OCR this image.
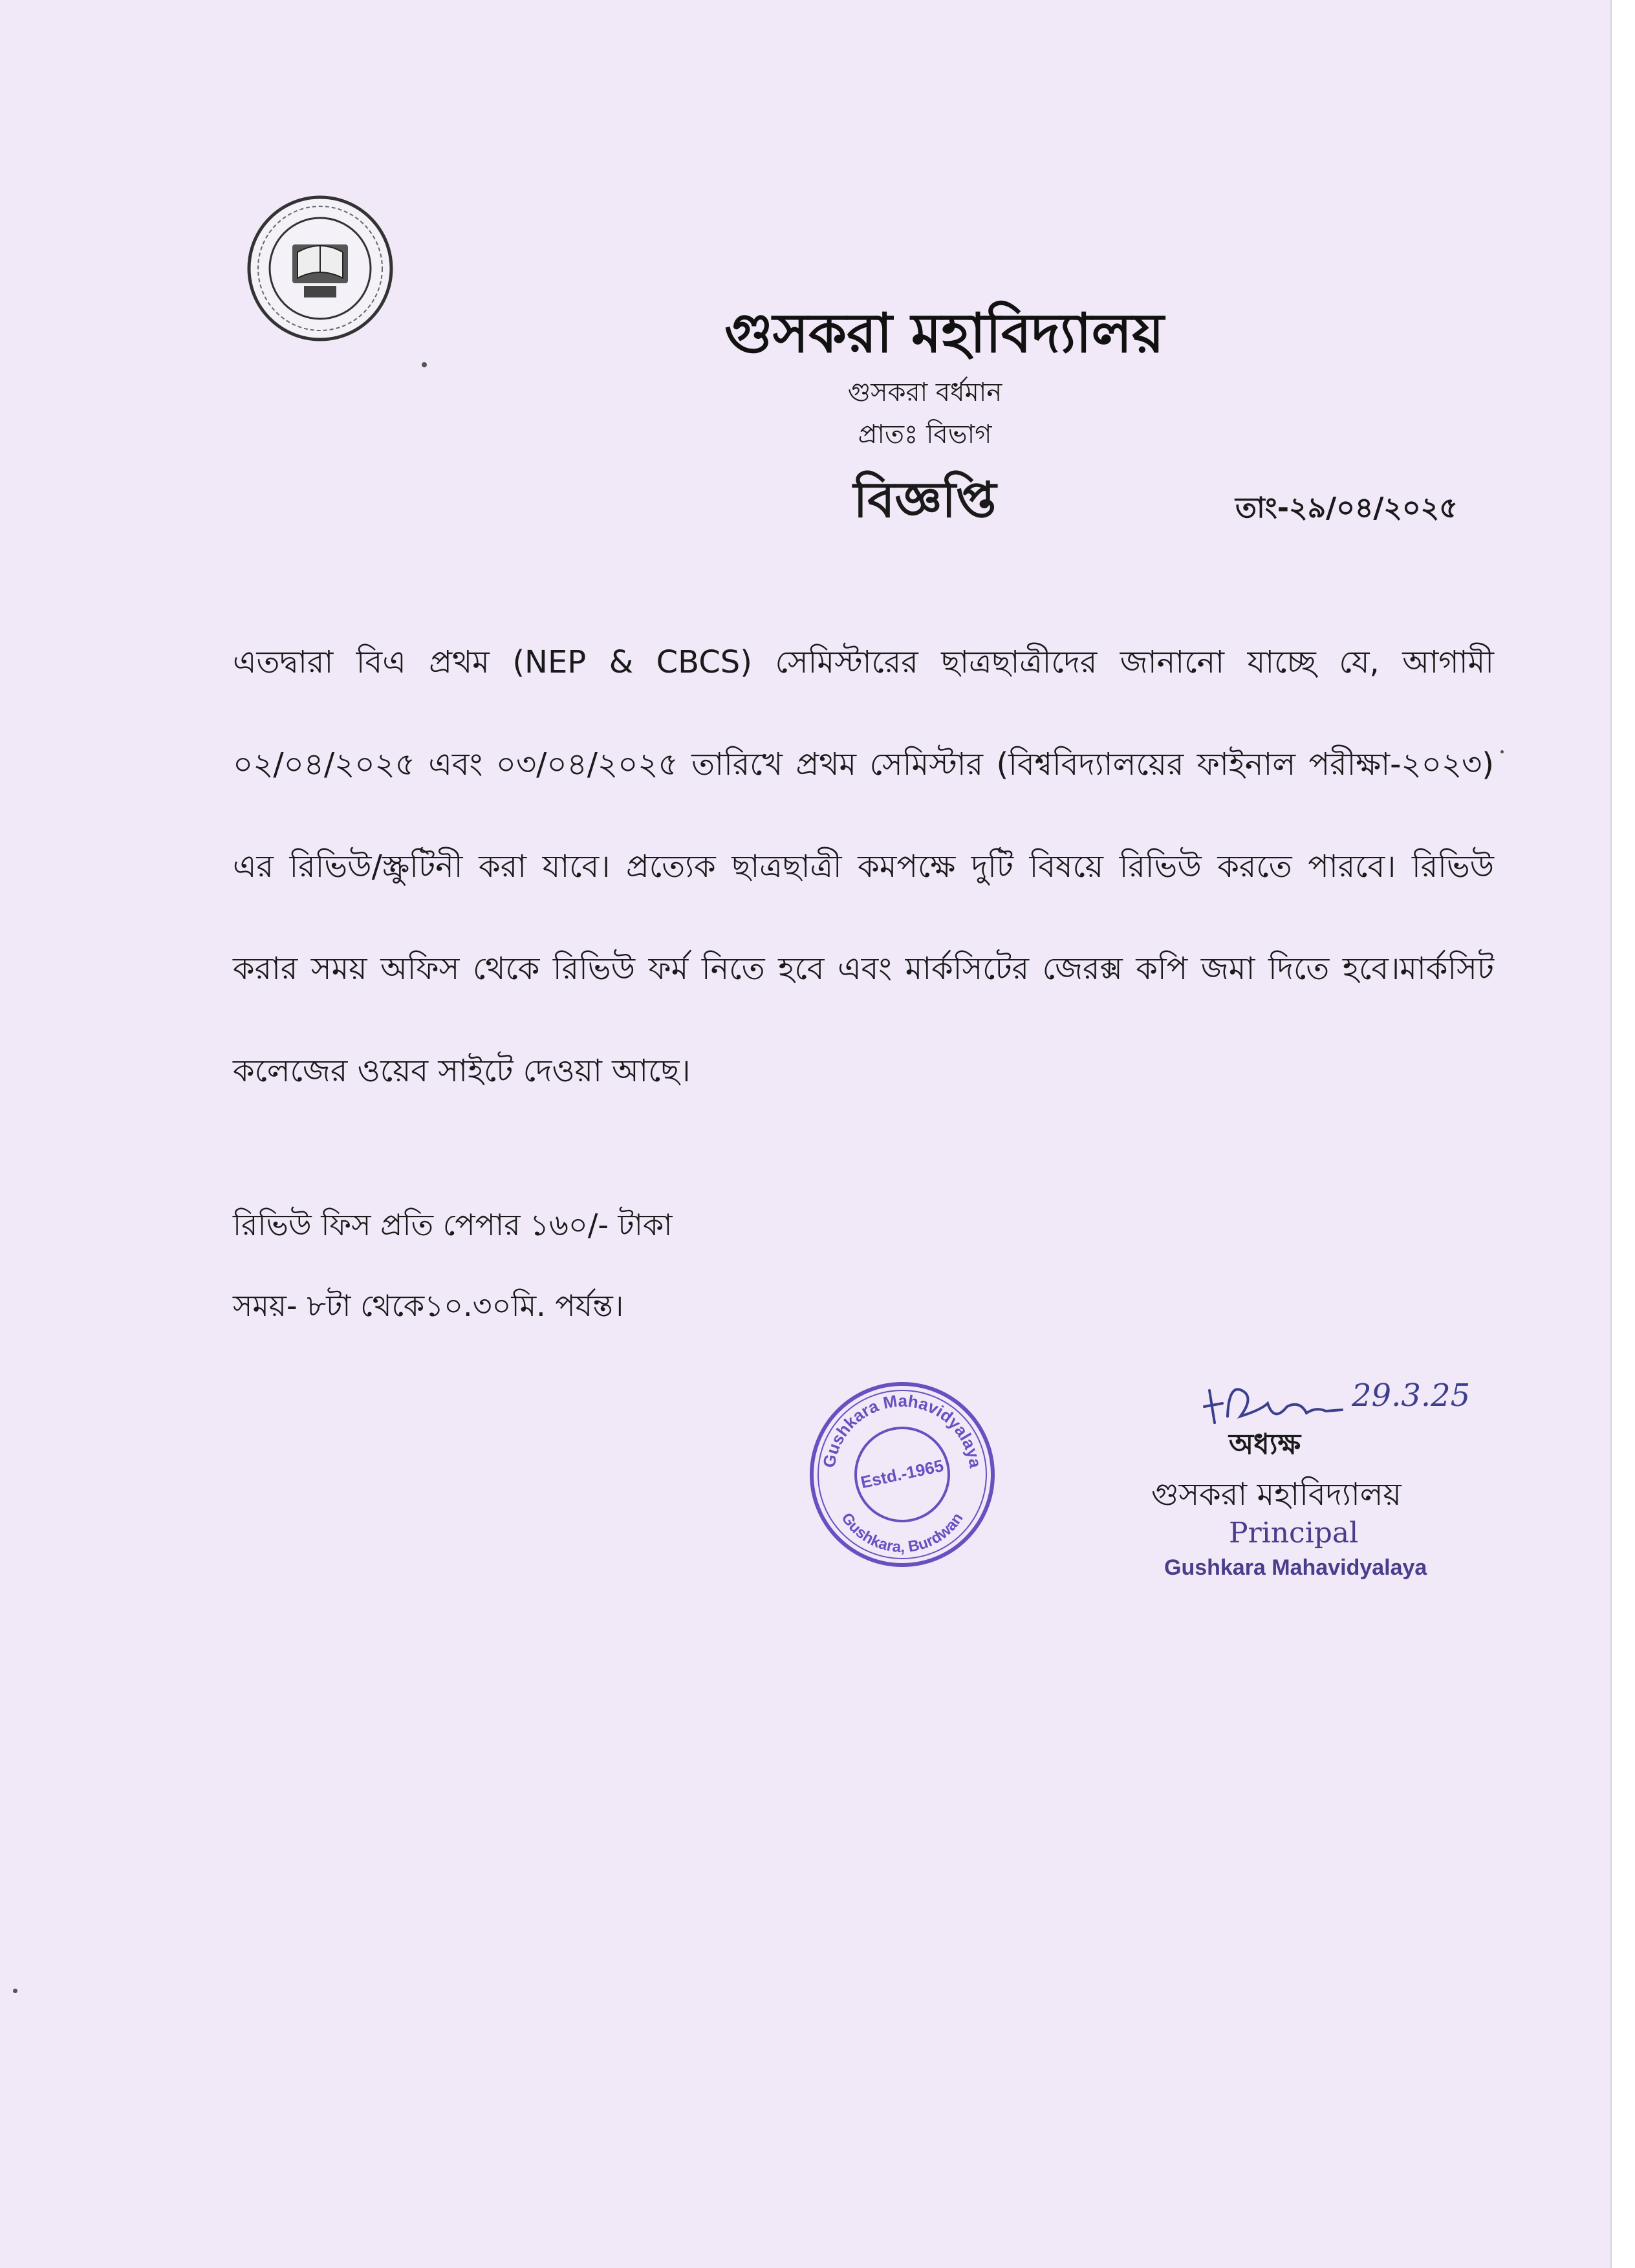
গুসকরা মহাবিদ্যালয়
গুসকরা বর্ধমান
প্রাতঃ বিভাগ
বিজ্ঞপ্তি	তাং-২৯/০৪/২০২৫
এতদ্বারা বিএ প্রথম (NEP & CBCS) সেমিস্টারের ছাত্রছাত্রীদের জানানো যাচ্ছে যে, আগামী ০২/০৪/২০২৫ এবং ০৩/০৪/২০২৫ তারিখে প্রথম সেমিস্টার (বিশ্ববিদ্যালয়ের ফাইনাল পরীক্ষা-২০২৩) এর রিভিউ/স্ক্রুটিনী করা যাবে। প্রত্যেক ছাত্রছাত্রী কমপক্ষে দুটি বিষয়ে রিভিউ করতে পারবে। রিভিউ করার সময় অফিস থেকে রিভিউ ফর্ম নিতে হবে এবং মার্কসিটের জেরক্স কপি জমা দিতে হবে।মার্কসিট কলেজের ওয়েব সাইটে দেওয়া আছে।
রিভিউ ফিস প্রতি পেপার ১৬০/- টাকা
সময়- ৮টা থেকে১০.৩০মি. পর্যন্ত।
Gushkara Mahavidyalaya
Gushkara, Burdwan
Estd.-1965
29.3.25
অধ্যক্ষ
গুসকরা মহাবিদ্যালয়
Principal
Gushkara Mahavidyalaya
